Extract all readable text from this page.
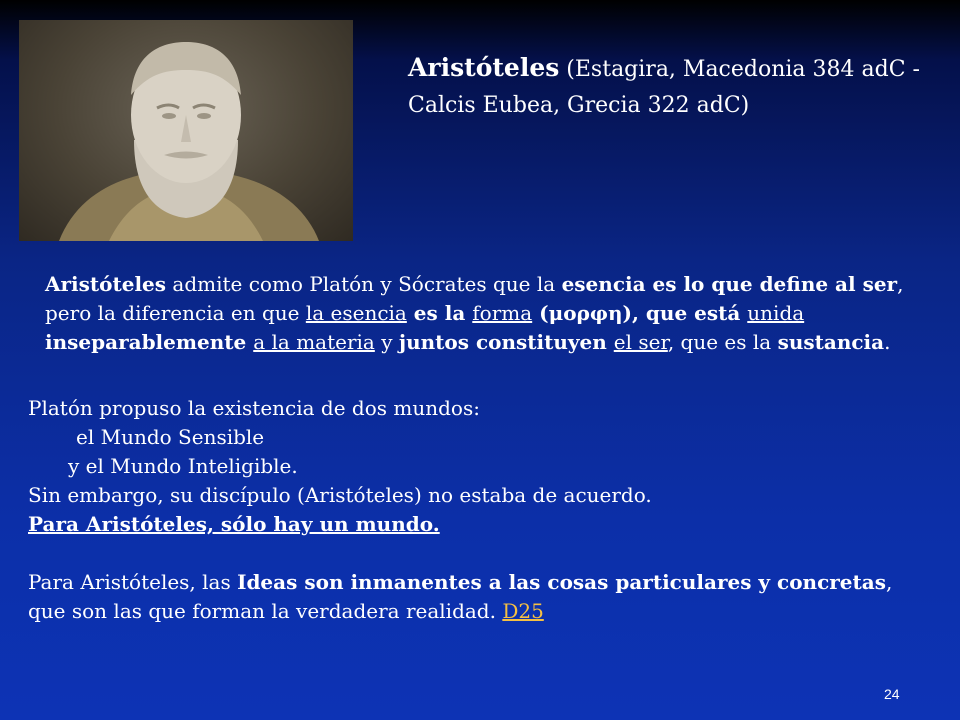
Aristóteles (Estagira, Macedonia 384 adC - Calcis Eubea, Grecia 322 adC)
Aristóteles admite como Platón y Sócrates que la esencia es lo que define al ser, pero la diferencia en que la esencia es la forma (μορφη), que está unida inseparablemente a la materia y juntos constituyen el ser, que es la sustancia.
Platón propuso la existencia de dos mundos:
el Mundo Sensible
y el Mundo Inteligible.
Sin embargo, su discípulo (Aristóteles) no estaba de acuerdo.
Para Aristóteles, sólo hay un mundo.
Para Aristóteles, las Ideas son inmanentes a las cosas particulares y concretas, que son las que forman la verdadera realidad. D25
24
